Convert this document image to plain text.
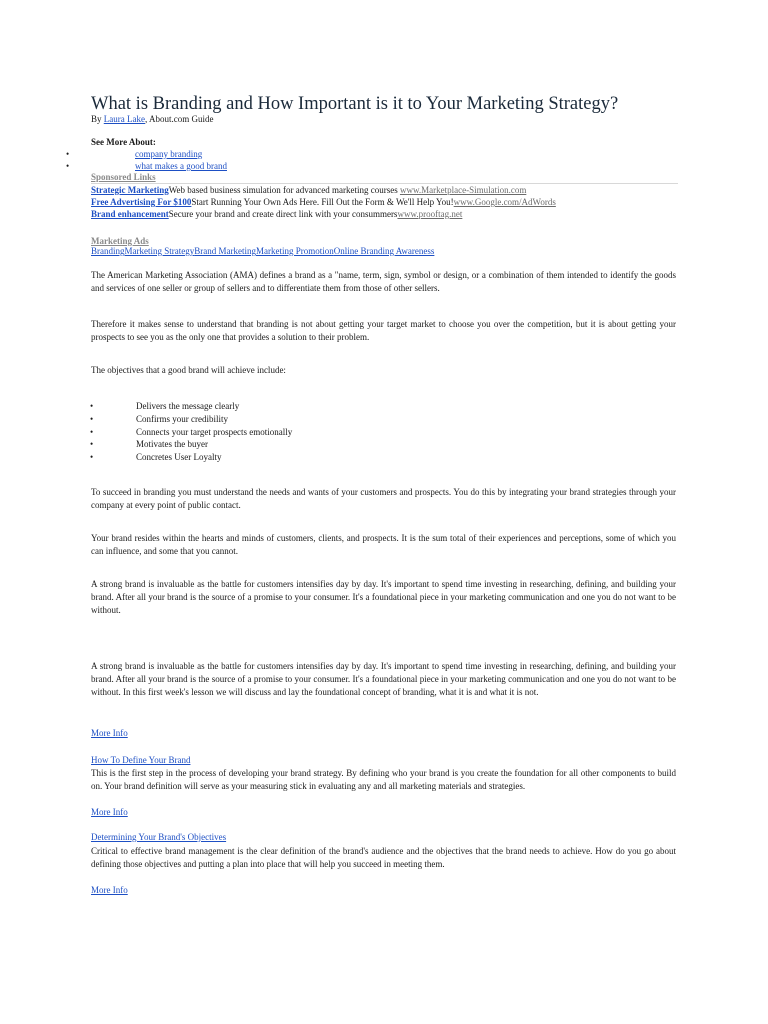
What is Branding and How Important is it to Your Marketing Strategy?
By Laura Lake, About.com Guide
See More About:
•	company branding
•	what makes a good brand
Sponsored Links
Strategic MarketingWeb based business simulation for advanced marketing courses www.Marketplace-Simulation.com
Free Advertising For $100Start Running Your Own Ads Here. Fill Out the Form & We'll Help You!www.Google.com/AdWords
Brand enhancementSecure your brand and create direct link with your consummerswww.prooftag.net
Marketing Ads
BrandingMarketing StrategyBrand MarketingMarketing PromotionOnline Branding Awareness

The American Marketing Association (AMA) defines a brand as a "name, term, sign, symbol or design, or a combination of them intended to identify the goods and services of one seller or group of sellers and to differentiate them from those of other sellers.

Therefore it makes sense to understand that branding is not about getting your target market to choose you over the competition, but it is about getting your prospects to see you as the only one that provides a solution to their problem.

The objectives that a good brand will achieve include:

•	Delivers the message clearly
•	Confirms your credibility
•	Connects your target prospects emotionally
•	Motivates the buyer
•	Concretes User Loyalty

To succeed in branding you must understand the needs and wants of your customers and prospects. You do this by integrating your brand strategies through your company at every point of public contact.

Your brand resides within the hearts and minds of customers, clients, and prospects. It is the sum total of their experiences and perceptions, some of which you can influence, and some that you cannot.

A strong brand is invaluable as the battle for customers intensifies day by day. It's important to spend time investing in researching, defining, and building your brand. After all your brand is the source of a promise to your consumer. It's a foundational piece in your marketing communication and one you do not want to be without.

A strong brand is invaluable as the battle for customers intensifies day by day. It's important to spend time investing in researching, defining, and building your brand. After all your brand is the source of a promise to your consumer. It's a foundational piece in your marketing communication and one you do not want to be without. In this first week's lesson we will discuss and lay the foundational concept of branding, what it is and what it is not.

More Info
How To Define Your Brand

This is the first step in the process of developing your brand strategy. By defining who your brand is you create the foundation for all other components to build on. Your brand definition will serve as your measuring stick in evaluating any and all marketing materials and strategies.

More Info
Determining Your Brand's Objectives

Critical to effective brand management is the clear definition of the brand's audience and the objectives that the brand needs to achieve. How do you go about defining those objectives and putting a plan into place that will help you succeed in meeting them.

More Info
